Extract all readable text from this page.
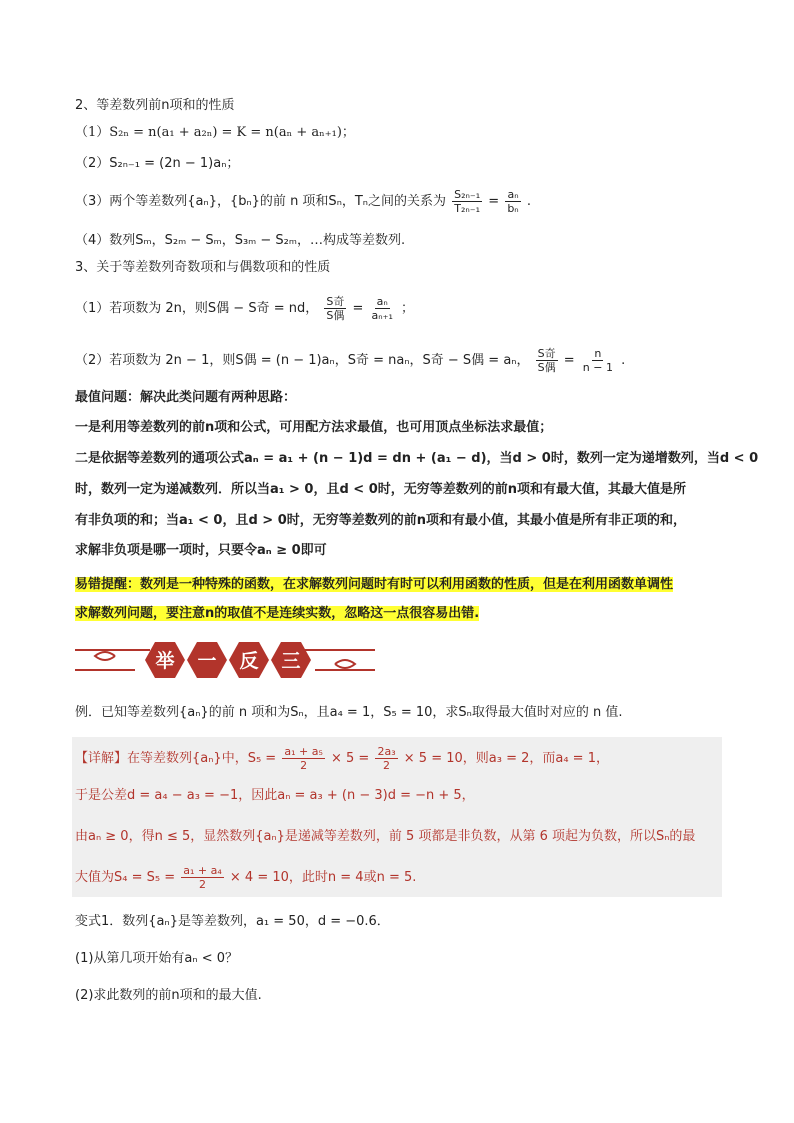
2、等差数列前n项和的性质
（1）S₂ₙ = n(a₁ + a₂ₙ) = K = n(aₙ + aₙ₊₁)；
（2）S₂ₙ₋₁ = (2n − 1)aₙ；
（3）两个等差数列{aₙ}，{bₙ}的前 n 项和Sₙ，Tₙ之间的关系为 $\frac{\text{S₂ₙ₋₁}}{\text{T₂ₙ₋₁}} = \frac{\text{aₙ}}{\text{bₙ}}$ .
（4）数列Sₘ，S₂ₘ − Sₘ，S₃ₘ − S₂ₘ，…构成等差数列.
3、关于等差数列奇数项和与偶数项和的性质
（1）若项数为 2n，则S偶 − S奇 = nd， $\frac{\text{S奇}}{\text{S偶}} = \frac{\text{aₙ}}{\text{aₙ₊₁}}$ ；
（2）若项数为 2n − 1，则S偶 = (n − 1)aₙ，S奇 = naₙ，S奇 − S偶 = aₙ， $\frac{\text{S奇}}{\text{S偶}} = \frac{n}{n - 1}$ .
最值问题：解决此类问题有两种思路：
一是利用等差数列的前n项和公式，可用配方法求最值，也可用顶点坐标法求最值；
二是依据等差数列的通项公式aₙ = a₁ + (n − 1)d = dn + (a₁ − d)，当d > 0时，数列一定为递增数列，当d < 0
时，数列一定为递减数列．所以当a₁ > 0，且d < 0时，无穷等差数列的前n项和有最大值，其最大值是所
有非负项的和；当a₁ < 0，且d > 0时，无穷等差数列的前n项和有最小值，其最小值是所有非正项的和，
求解非负项是哪一项时，只要令aₙ ≥ 0即可
易错提醒：数列是一种特殊的函数，在求解数列问题时有时可以利用函数的性质，但是在利用函数单调性
求解数列问题，要注意n的取值不是连续实数，忽略这一点很容易出错.
举 一 反 三
例．已知等差数列{aₙ}的前 n 项和为Sₙ，且a₄ = 1，S₅ = 10，求Sₙ取得最大值时对应的 n 值.
【详解】在等差数列{aₙ}中，$S_5 = \frac{\text{a₁ + a₅}}{2} \times 5 = \frac{\text{2a₃}}{2} \times 5 = 10$，则a₃ = 2，而a₄ = 1，
于是公差d = a₄ − a₃ = −1，因此aₙ = a₃ + (n − 3)d = −n + 5，
由aₙ ≥ 0，得n ≤ 5，显然数列{aₙ}是递减等差数列，前 5 项都是非负数，从第 6 项起为负数，所以Sₙ的最
大值为$S_4 = S_5 = \frac{\text{a₁ + a₄}}{2} \times 4 = 10$，此时n = 4或n = 5.
变式1．数列{aₙ}是等差数列，a₁ = 50，d = −0.6．
(1)从第几项开始有aₙ < 0？
(2)求此数列的前n项和的最大值.
